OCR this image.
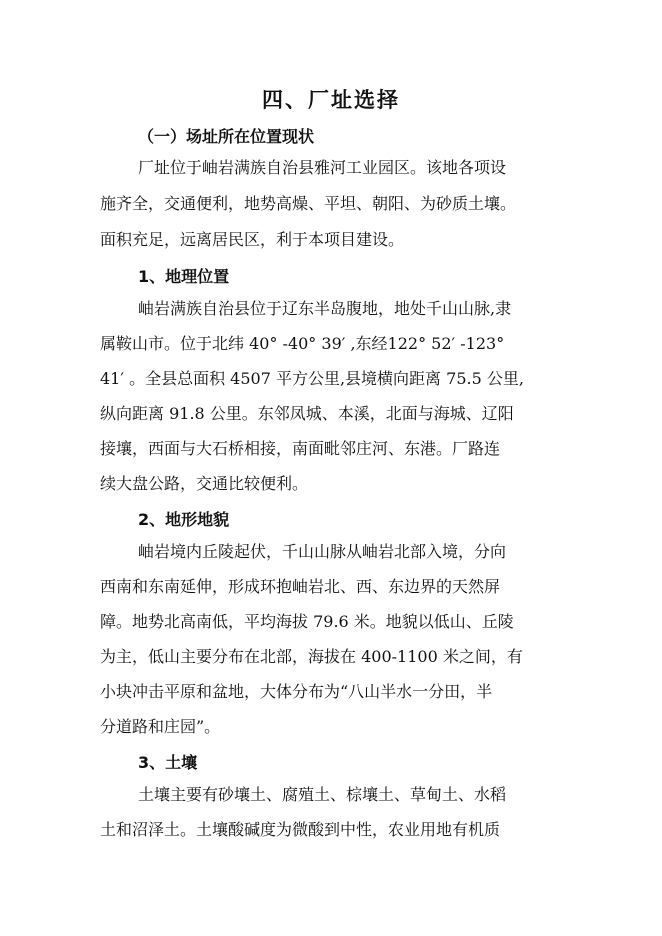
四、厂址选择
（一）场址所在位置现状
厂址位于岫岩满族自治县雅河工业园区。该地各项设
施齐全，交通便利，地势高燥、平坦、朝阳、为砂质土壤。
面积充足，远离居民区，利于本项目建设。
1、地理位置
岫岩满族自治县位于辽东半岛腹地，地处千山山脉,隶
属鞍山市。位于北纬 40° -40° 39′ ,东经122° 52′ -123°
41′ 。全县总面积 4507 平方公里,县境横向距离 75.5 公里,
纵向距离 91.8 公里。东邻凤城、本溪，北面与海城、辽阳
接壤，西面与大石桥相接，南面毗邻庄河、东港。厂路连
续大盘公路，交通比较便利。
2、地形地貌
岫岩境内丘陵起伏，千山山脉从岫岩北部入境，分向
西南和东南延伸，形成环抱岫岩北、西、东边界的天然屏
障。地势北高南低，平均海拔 79.6 米。地貌以低山、丘陵
为主，低山主要分布在北部，海拔在 400-1100 米之间，有
小块冲击平原和盆地，大体分布为“八山半水一分田，半
分道路和庄园”。
3、土壤
土壤主要有砂壤土、腐殖土、棕壤土、草甸土、水稻
土和沼泽土。土壤酸碱度为微酸到中性，农业用地有机质
